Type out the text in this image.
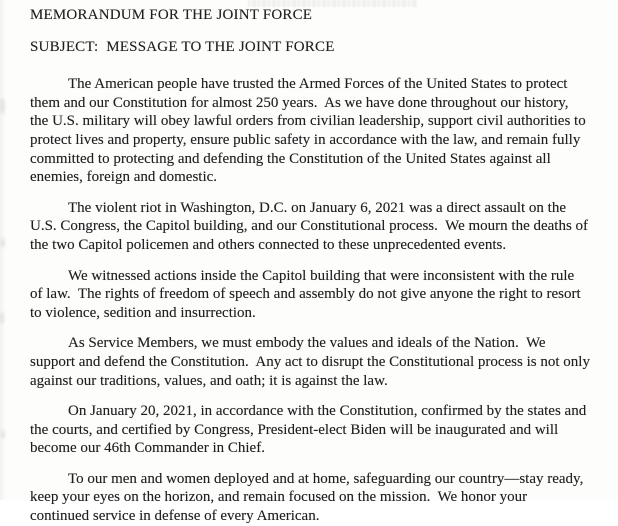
MEMORANDUM FOR THE JOINT FORCE
SUBJECT:  MESSAGE TO THE JOINT FORCE

The American people have trusted the Armed Forces of the United States to protect them and our Constitution for almost 250 years.  As we have done throughout our history, the U.S. military will obey lawful orders from civilian leadership, support civil authorities to protect lives and property, ensure public safety in accordance with the law, and remain fully committed to protecting and defending the Constitution of the United States against all enemies, foreign and domestic.

The violent riot in Washington, D.C. on January 6, 2021 was a direct assault on the U.S. Congress, the Capitol building, and our Constitutional process.  We mourn the deaths of the two Capitol policemen and others connected to these unprecedented events.

We witnessed actions inside the Capitol building that were inconsistent with the rule of law.  The rights of freedom of speech and assembly do not give anyone the right to resort to violence, sedition and insurrection.

As Service Members, we must embody the values and ideals of the Nation.  We support and defend the Constitution.  Any act to disrupt the Constitutional process is not only against our traditions, values, and oath; it is against the law.

On January 20, 2021, in accordance with the Constitution, confirmed by the states and the courts, and certified by Congress, President-elect Biden will be inaugurated and will become our 46th Commander in Chief.

To our men and women deployed and at home, safeguarding our country—stay ready, keep your eyes on the horizon, and remain focused on the mission.  We honor your continued service in defense of every American.
